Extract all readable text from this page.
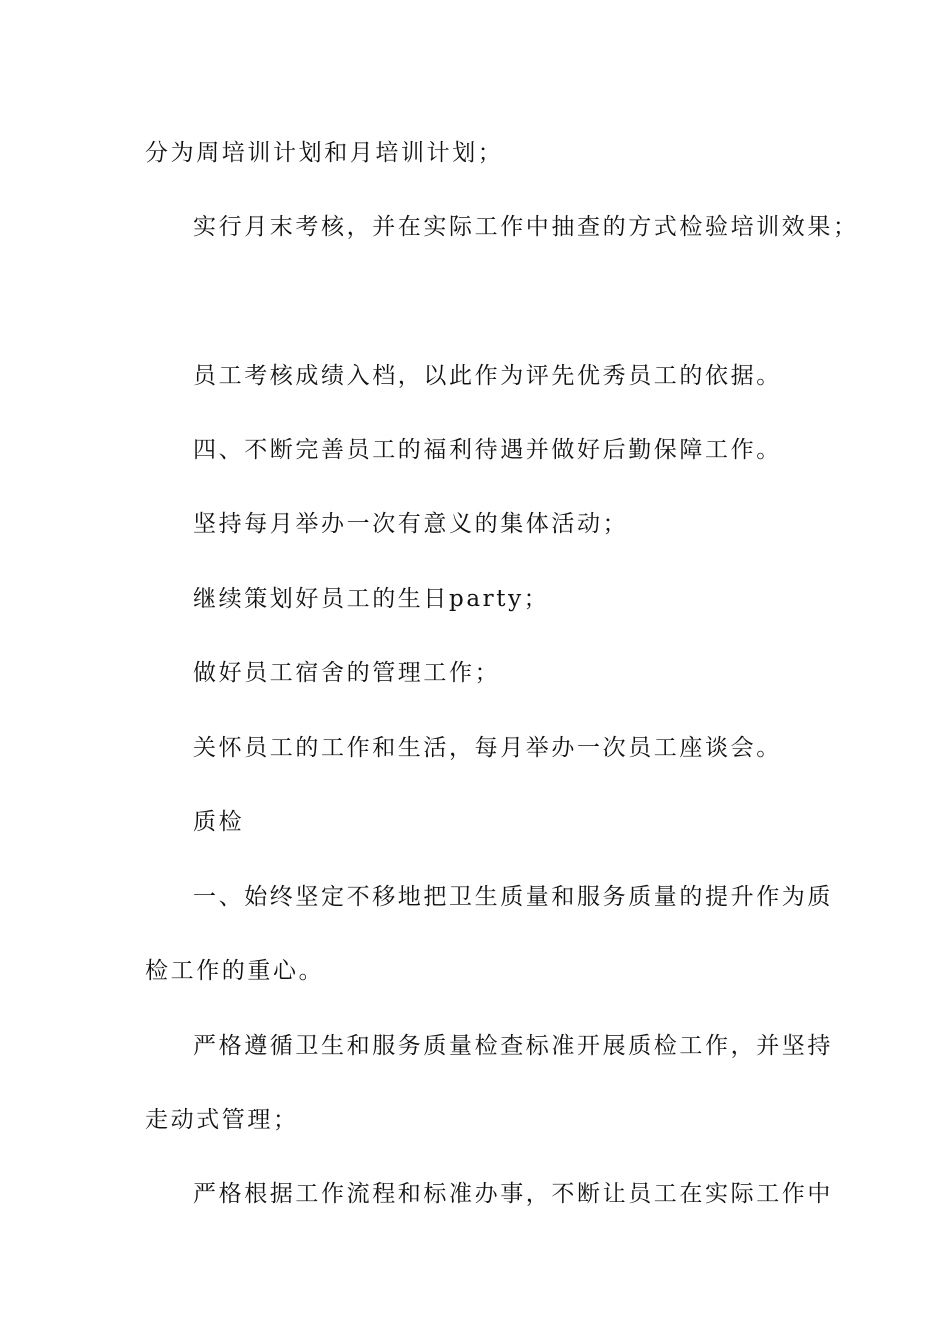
分为周培训计划和月培训计划；
实行月末考核，并在实际工作中抽查的方式检验培训效果；
员工考核成绩入档，以此作为评先优秀员工的依据。
四、不断完善员工的福利待遇并做好后勤保障工作。
坚持每月举办一次有意义的集体活动；
继续策划好员工的生日party；
做好员工宿舍的管理工作；
关怀员工的工作和生活，每月举办一次员工座谈会。
质检
一、始终坚定不移地把卫生质量和服务质量的提升作为质
检工作的重心。
严格遵循卫生和服务质量检查标准开展质检工作，并坚持
走动式管理；
严格根据工作流程和标准办事，不断让员工在实际工作中
